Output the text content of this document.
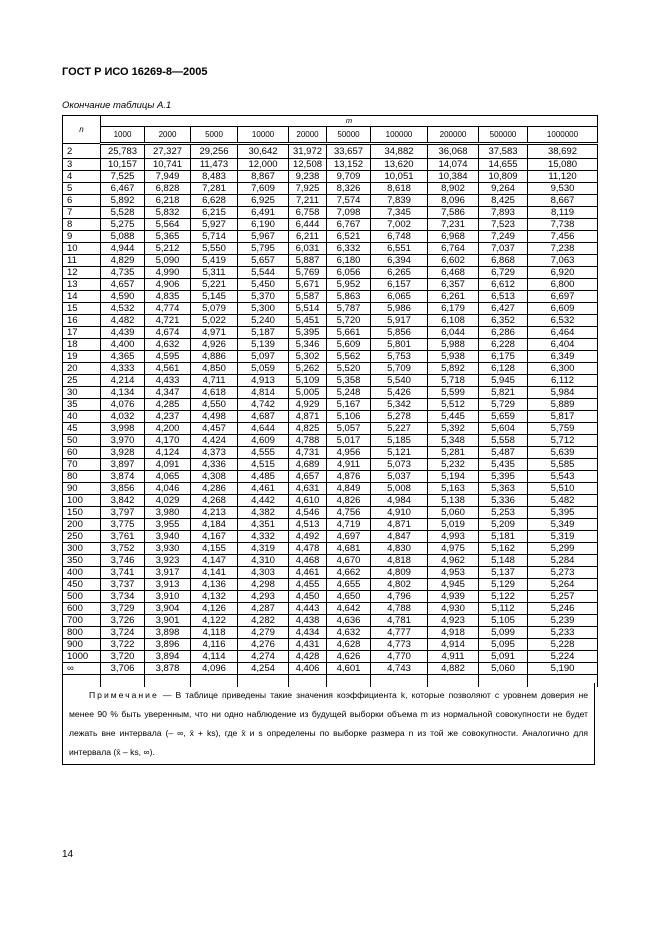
ГОСТ Р ИСО 16269-8—2005
Окончание таблицы А.1
n	m									
	1000	2000	5000	10000	20000	50000	100000	200000	500000	1000000
2	25,783	27,327	29,256	30,642	31,972	33,657	34,882	36,068	37,583	38,692
3	10,157	10,741	11,473	12,000	12,508	13,152	13,620	14,074	14,655	15,080
4	7,525	7,949	8,483	8,867	9,238	9,709	10,051	10,384	10,809	11,120
5	6,467	6,828	7,281	7,609	7,925	8,326	8,618	8,902	9,264	9,530
6	5,892	6,218	6,628	6,925	7,211	7,574	7,839	8,096	8,425	8,667
7	5,528	5,832	6,215	6,491	6,758	7,098	7,345	7,586	7,893	8,119
8	5,275	5,564	5,927	6,190	6,444	6,767	7,002	7,231	7,523	7,738
9	5,088	5,365	5,714	5,967	6,211	6,521	6,748	6,968	7,249	7,456
10	4,944	5,212	5,550	5,795	6,031	6,332	6,551	6,764	7,037	7,238
11	4,829	5,090	5,419	5,657	5,887	6,180	6,394	6,602	6,868	7,063
12	4,735	4,990	5,311	5,544	5,769	6,056	6,265	6,468	6,729	6,920
13	4,657	4,906	5,221	5,450	5,671	5,952	6,157	6,357	6,612	6,800
14	4,590	4,835	5,145	5,370	5,587	5,863	6,065	6,261	6,513	6,697
15	4,532	4,774	5,079	5,300	5,514	5,787	5,986	6,179	6,427	6,609
16	4,482	4,721	5,022	5,240	5,451	5,720	5,917	6,108	6,352	6,532
17	4,439	4,674	4,971	5,187	5,395	5,661	5,856	6,044	6,286	6,464
18	4,400	4,632	4,926	5,139	5,346	5,609	5,801	5,988	6,228	6,404
19	4,365	4,595	4,886	5,097	5,302	5,562	5,753	5,938	6,175	6,349
20	4,333	4,561	4,850	5,059	5,262	5,520	5,709	5,892	6,128	6,300
25	4,214	4,433	4,711	4,913	5,109	5,358	5,540	5,718	5,945	6,112
30	4,134	4,347	4,618	4,814	5,005	5,248	5,426	5,599	5,821	5,984
35	4,076	4,285	4,550	4,742	4,929	5,167	5,342	5,512	5,729	5,889
40	4,032	4,237	4,498	4,687	4,871	5,106	5,278	5,445	5,659	5,817
45	3,998	4,200	4,457	4,644	4,825	5,057	5,227	5,392	5,604	5,759
50	3,970	4,170	4,424	4,609	4,788	5,017	5,185	5,348	5,558	5,712
60	3,928	4,124	4,373	4,555	4,731	4,956	5,121	5,281	5,487	5,639
70	3,897	4,091	4,336	4,515	4,689	4,911	5,073	5,232	5,435	5,585
80	3,874	4,065	4,308	4,485	4,657	4,876	5,037	5,194	5,395	5,543
90	3,856	4,046	4,286	4,461	4,631	4,849	5,008	5,163	5,363	5,510
100	3,842	4,029	4,268	4,442	4,610	4,826	4,984	5,138	5,336	5,482
150	3,797	3,980	4,213	4,382	4,546	4,756	4,910	5,060	5,253	5,395
200	3,775	3,955	4,184	4,351	4,513	4,719	4,871	5,019	5,209	5,349
250	3,761	3,940	4,167	4,332	4,492	4,697	4,847	4,993	5,181	5,319
300	3,752	3,930	4,155	4,319	4,478	4,681	4,830	4,975	5,162	5,299
350	3,746	3,923	4,147	4,310	4,468	4,670	4,818	4,962	5,148	5,284
400	3,741	3,917	4,141	4,303	4,461	4,662	4,809	4,953	5,137	5,273
450	3,737	3,913	4,136	4,298	4,455	4,655	4,802	4,945	5,129	5,264
500	3,734	3,910	4,132	4,293	4,450	4,650	4,796	4,939	5,122	5,257
600	3,729	3,904	4,126	4,287	4,443	4,642	4,788	4,930	5,112	5,246
700	3,726	3,901	4,122	4,282	4,438	4,636	4,781	4,923	5,105	5,239
800	3,724	3,898	4,118	4,279	4,434	4,632	4,777	4,918	5,099	5,233
900	3,722	3,896	4,116	4,276	4,431	4,628	4,773	4,914	5,095	5,228
1000	3,720	3,894	4,114	4,274	4,428	4,626	4,770	4,911	5,091	5,224
∞	3,706	3,878	4,096	4,254	4,406	4,601	4,743	4,882	5,060	5,190

Примечание — В таблице приведены такие значения коэффициента k, которые позволяют с уровнем доверия не менее 90 % быть уверенным, что ни одно наблюдение из будущей выборки объема m из нормальной совокупности не будет лежать вне интервала (– ∞, x̄ + ks), где x̄ и s определены по выборке размера n из той же совокупности. Аналогично для интервала (x̄ – ks, ∞).

14
